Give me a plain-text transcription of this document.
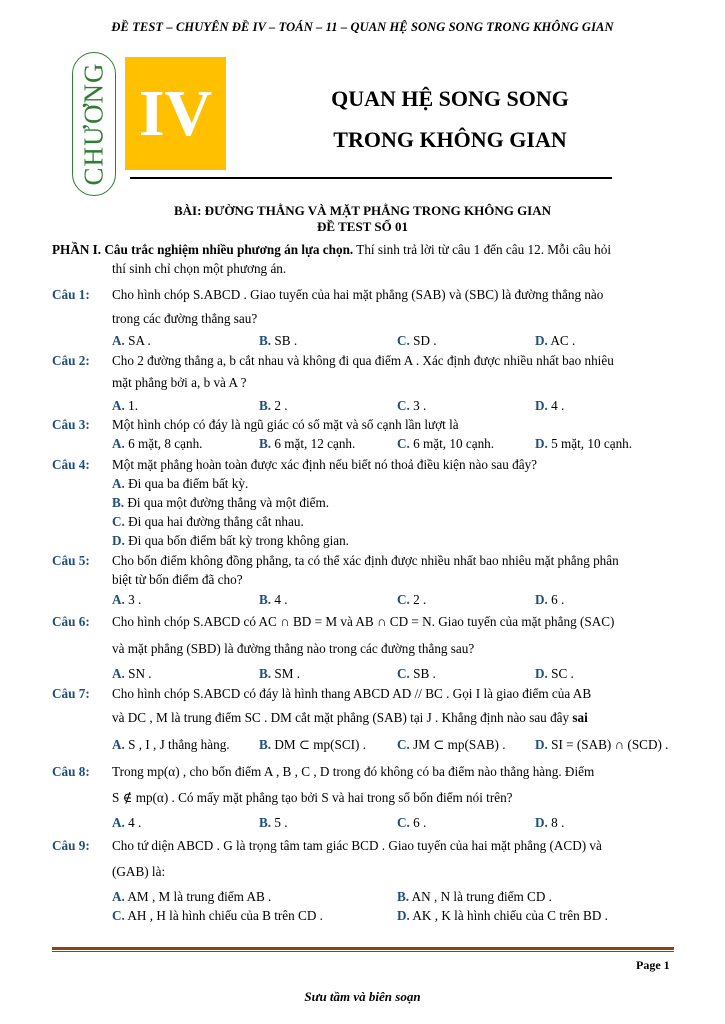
ĐỀ TEST – CHUYÊN ĐỀ IV – TOÁN – 11 – QUAN HỆ SONG SONG TRONG KHÔNG GIAN
CHƯƠNG IV	QUAN HỆ SONG SONG
TRONG KHÔNG GIAN
BÀI: ĐƯỜNG THẲNG VÀ MẶT PHẲNG TRONG KHÔNG GIAN
ĐỀ TEST SỐ 01
PHẦN I. Câu trắc nghiệm nhiều phương án lựa chọn. Thí sinh trả lời từ câu 1 đến câu 12. Mỗi câu hỏi
thí sinh chỉ chọn một phương án.
Câu 1: Cho hình chóp S.ABCD . Giao tuyến của hai mặt phẳng (SAB) và (SBC) là đường thẳng nào
trong các đường thẳng sau?
A. SA .	B. SB .	C. SD .	D. AC .
Câu 2: Cho 2 đường thẳng a, b cắt nhau và không đi qua điểm A . Xác định được nhiều nhất bao nhiêu
mặt phẳng bởi a, b và A ?
A. 1.	B. 2 .	C. 3 .	D. 4 .
Câu 3: Một hình chóp có đáy là ngũ giác có số mặt và số cạnh lần lượt là
A. 6 mặt, 8 cạnh.	B. 6 mặt, 12 cạnh.	C. 6 mặt, 10 cạnh.	D. 5 mặt, 10 cạnh.
Câu 4: Một mặt phẳng hoàn toàn được xác định nếu biết nó thoả điều kiện nào sau đây?
A. Đi qua ba điểm bất kỳ.
B. Đi qua một đường thẳng và một điểm.
C. Đi qua hai đường thẳng cắt nhau.
D. Đi qua bốn điểm bất kỳ trong không gian.
Câu 5: Cho bốn điểm không đồng phẳng, ta có thể xác định được nhiều nhất bao nhiêu mặt phẳng phân
biệt từ bốn điểm đã cho?
A. 3 .	B. 4 .	C. 2 .	D. 6 .
Câu 6: Cho hình chóp S.ABCD có AC ∩ BD = M và AB ∩ CD = N. Giao tuyến của mặt phẳng (SAC)
và mặt phẳng (SBD) là đường thẳng nào trong các đường thẳng sau?
A. SN .	B. SM .	C. SB .	D. SC .
Câu 7: Cho hình chóp S.ABCD có đáy là hình thang ABCD AD // BC . Gọi I là giao điểm của AB
và DC , M là trung điểm SC . DM cắt mặt phẳng (SAB) tại J . Khẳng định nào sau đây sai
A. S , I , J thẳng hàng. B. DM ⊂ mp(SCI) . C. JM ⊂ mp(SAB) . D. SI = (SAB) ∩ (SCD) .
Câu 8: Trong mp(α) , cho bốn điểm A , B , C , D trong đó không có ba điểm nào thẳng hàng. Điểm
S ∉ mp(α) . Có mấy mặt phẳng tạo bởi S và hai trong số bốn điểm nói trên?
A. 4 .	B. 5 .	C. 6 .	D. 8 .
Câu 9: Cho tứ diện ABCD . G là trọng tâm tam giác BCD . Giao tuyến của hai mặt phẳng (ACD) và
(GAB) là:
A. AM , M là trung điểm AB .	B. AN , N là trung điểm CD .
C. AH , H là hình chiếu của B trên CD .	D. AK , K là hình chiếu của C trên BD .
Page 1
Sưu tầm và biên soạn
